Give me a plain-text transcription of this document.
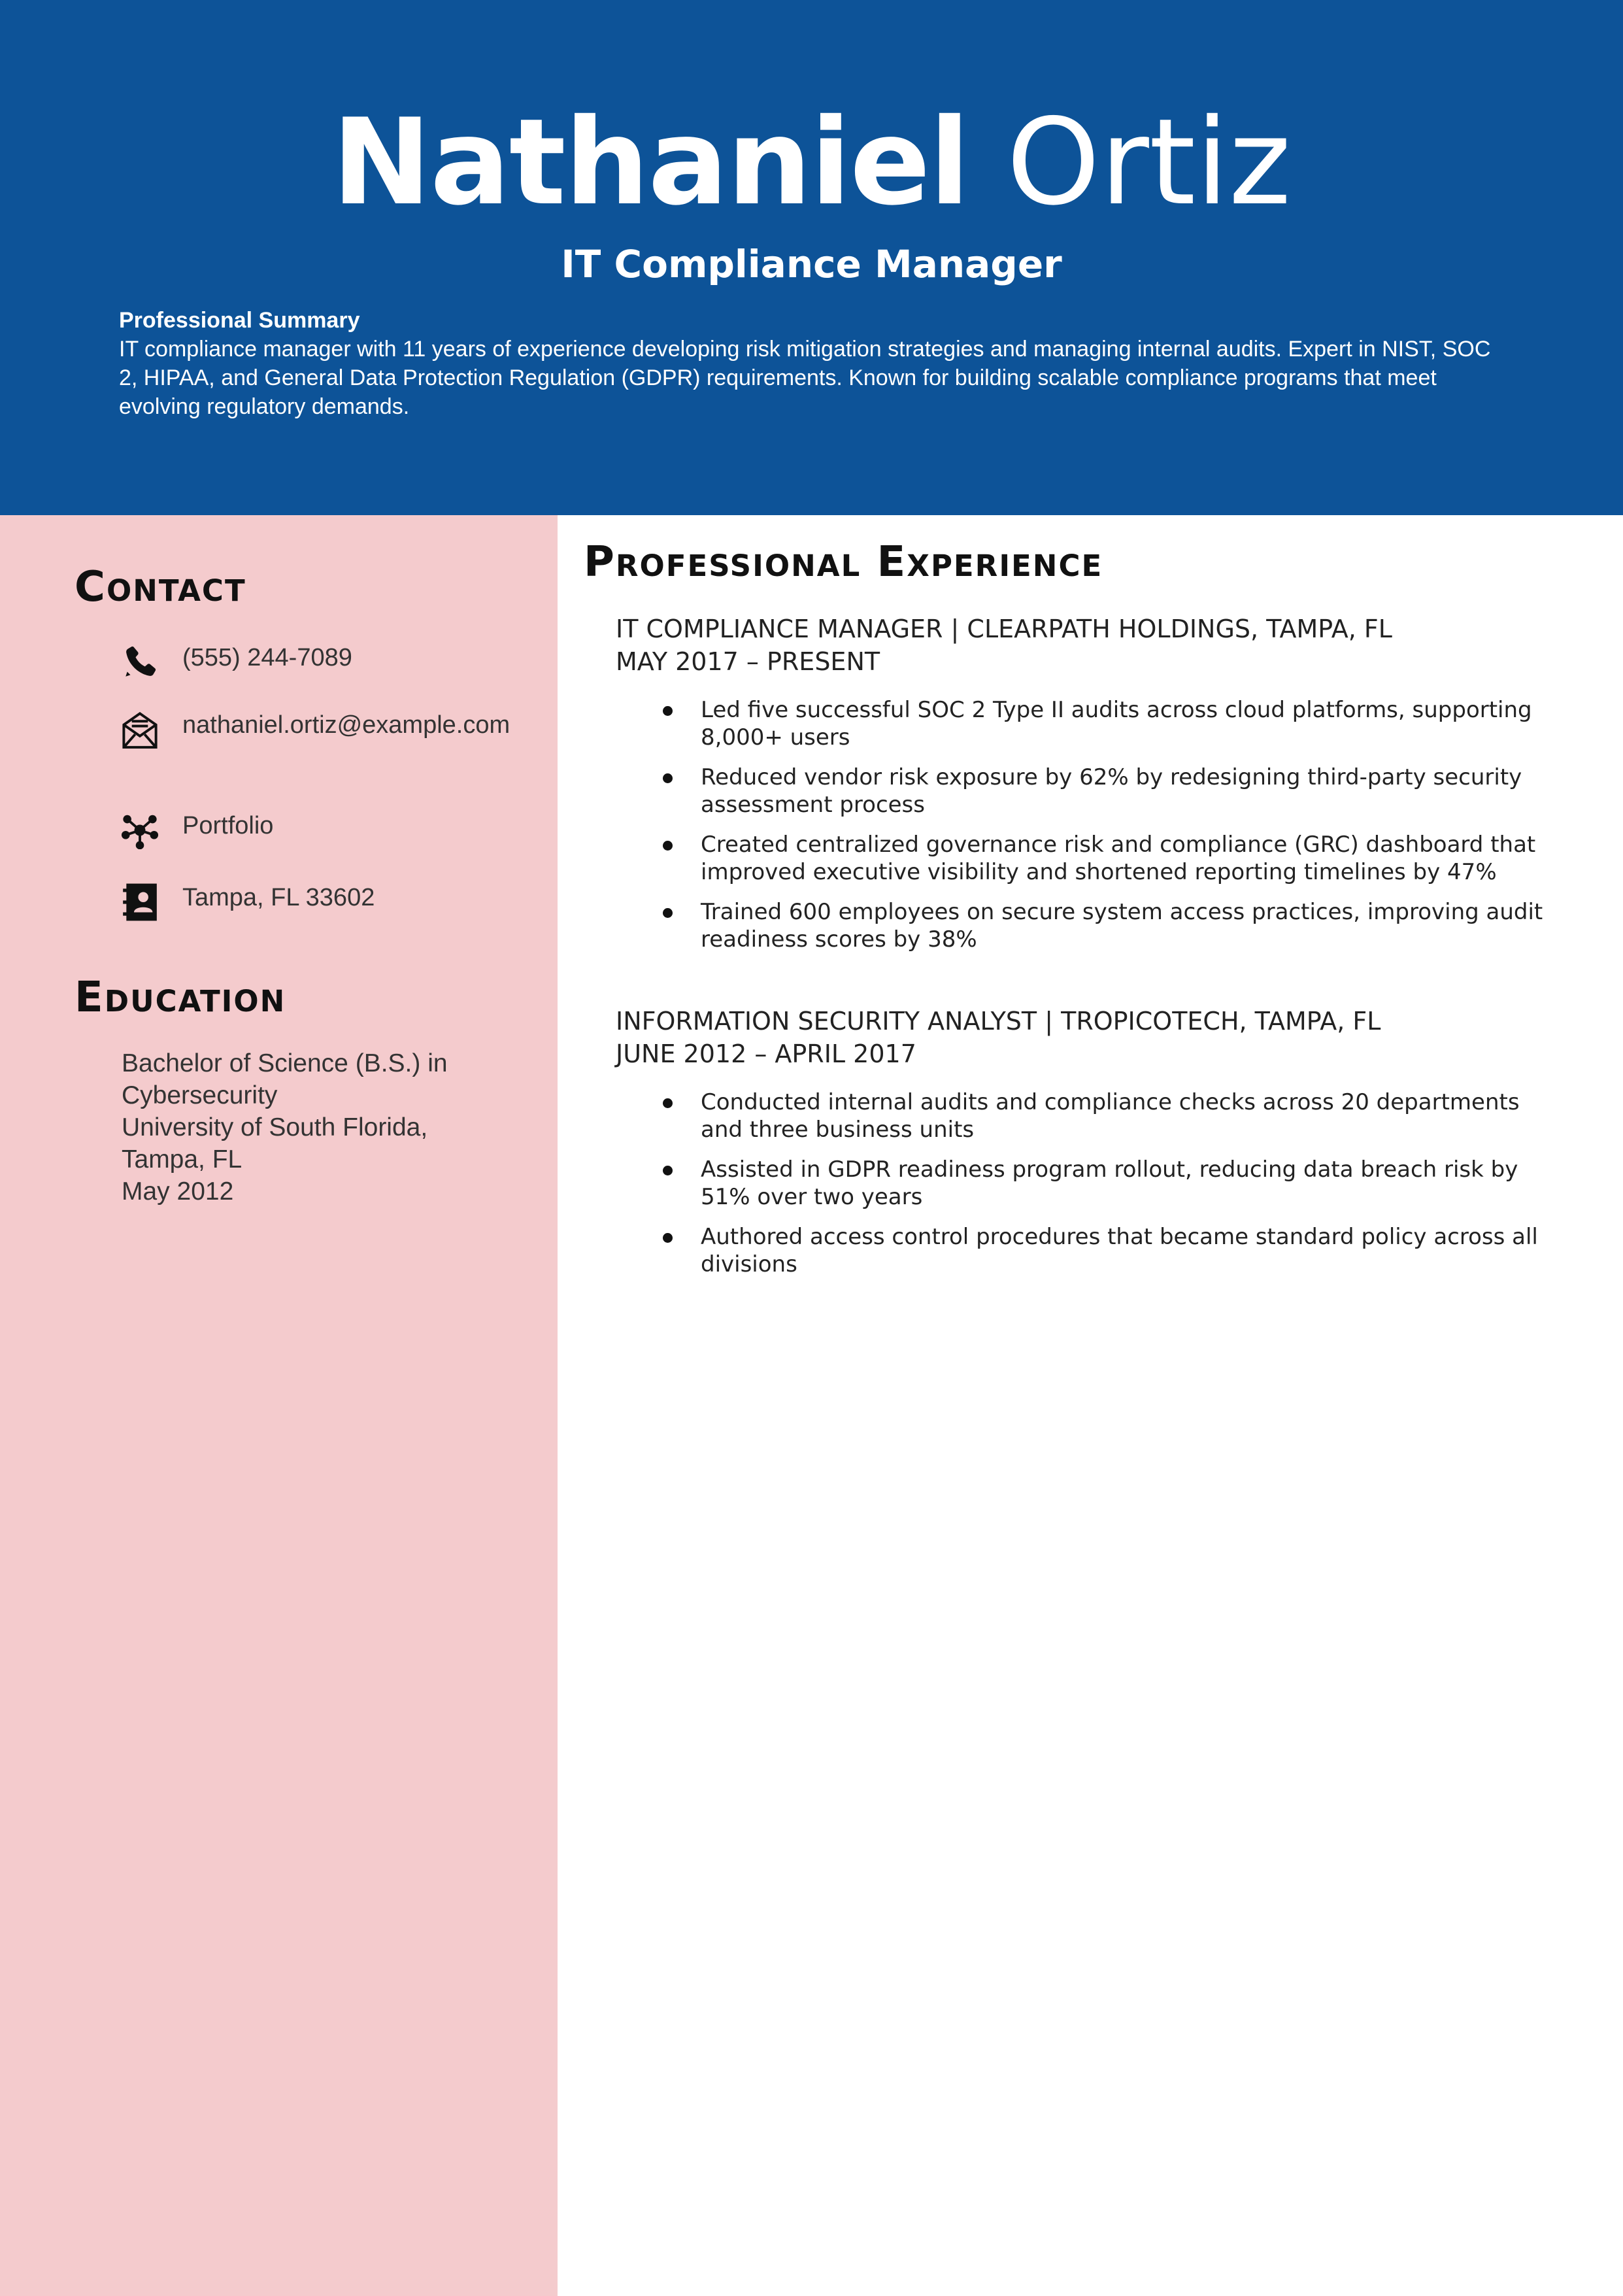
Nathaniel Ortiz
IT Compliance Manager
Professional Summary
IT compliance manager with 11 years of experience developing risk mitigation strategies and managing internal audits. Expert in NIST, SOC 2, HIPAA, and General Data Protection Regulation (GDPR) requirements. Known for building scalable compliance programs that meet evolving regulatory demands.
Contact
(555) 244-7089
nathaniel.ortiz@example.com
Portfolio
Tampa, FL 33602
Education
Bachelor of Science (B.S.) in
Cybersecurity
University of South Florida,
Tampa, FL
May 2012
Professional Experience
IT COMPLIANCE MANAGER | CLEARPATH HOLDINGS, TAMPA, FL
MAY 2017 – PRESENT
Led five successful SOC 2 Type II audits across cloud platforms, supporting 8,000+ users
Reduced vendor risk exposure by 62% by redesigning third-party security assessment process
Created centralized governance risk and compliance (GRC) dashboard that improved executive visibility and shortened reporting timelines by 47%
Trained 600 employees on secure system access practices, improving audit readiness scores by 38%
INFORMATION SECURITY ANALYST | TROPICOTECH, TAMPA, FL
JUNE 2012 – APRIL 2017
Conducted internal audits and compliance checks across 20 departments and three business units
Assisted in GDPR readiness program rollout, reducing data breach risk by 51% over two years
Authored access control procedures that became standard policy across all divisions
